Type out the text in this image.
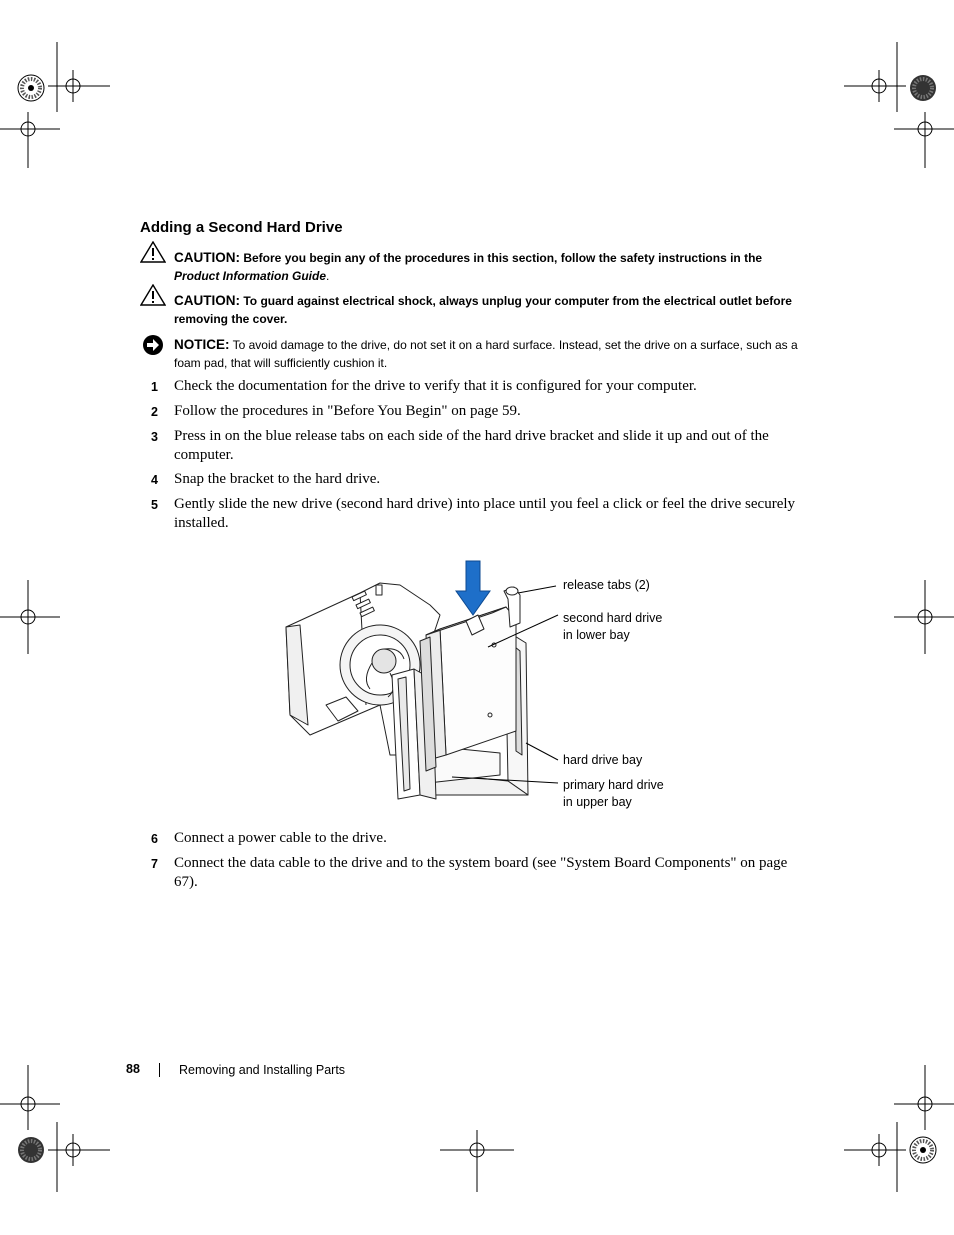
Adding a Second Hard Drive
CAUTION: Before you begin any of the procedures in this section, follow the safety instructions in the
Product Information Guide.
CAUTION: To guard against electrical shock, always unplug your computer from the electrical outlet before removing the cover.
NOTICE: To avoid damage to the drive, do not set it on a hard surface. Instead, set the drive on a surface, such as a foam pad, that will sufficiently cushion it.
1 Check the documentation for the drive to verify that it is configured for your computer.
2 Follow the procedures in "Before You Begin" on page 59.
3 Press in on the blue release tabs on each side of the hard drive bracket and slide it up and out of the computer.
4 Snap the bracket to the hard drive.
5 Gently slide the new drive (second hard drive) into place until you feel a click or feel the drive securely installed.
release tabs (2)
second hard drive
in lower bay
hard drive bay
primary hard drive
in upper bay
6 Connect a power cable to the drive.
7 Connect the data cable to the drive and to the system board (see "System Board Components" on page 67).
88	Removing and Installing Parts
